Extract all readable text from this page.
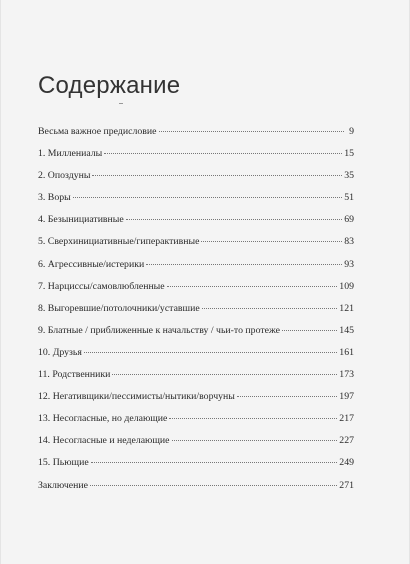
Содержание
Весьма важное предисловие	9
1. Миллениалы	15
2. Опоздуны	35
3. Воры	51
4. Безынициативные	69
5. Сверхинициативные/гиперактивные	83
6. Агрессивные/истерики	93
7. Нарциссы/самовлюбленные	109
8. Выгоревшие/потолочники/уставшие	121
9. Блатные / приближенные к начальству / чьи-то протеже	145
10. Друзья	161
11. Родственники	173
12. Негативщики/пессимисты/нытики/ворчуны	197
13. Несогласные, но делающие	217
14. Несогласные и неделающие	227
15. Пьющие	249
Заключение	271
